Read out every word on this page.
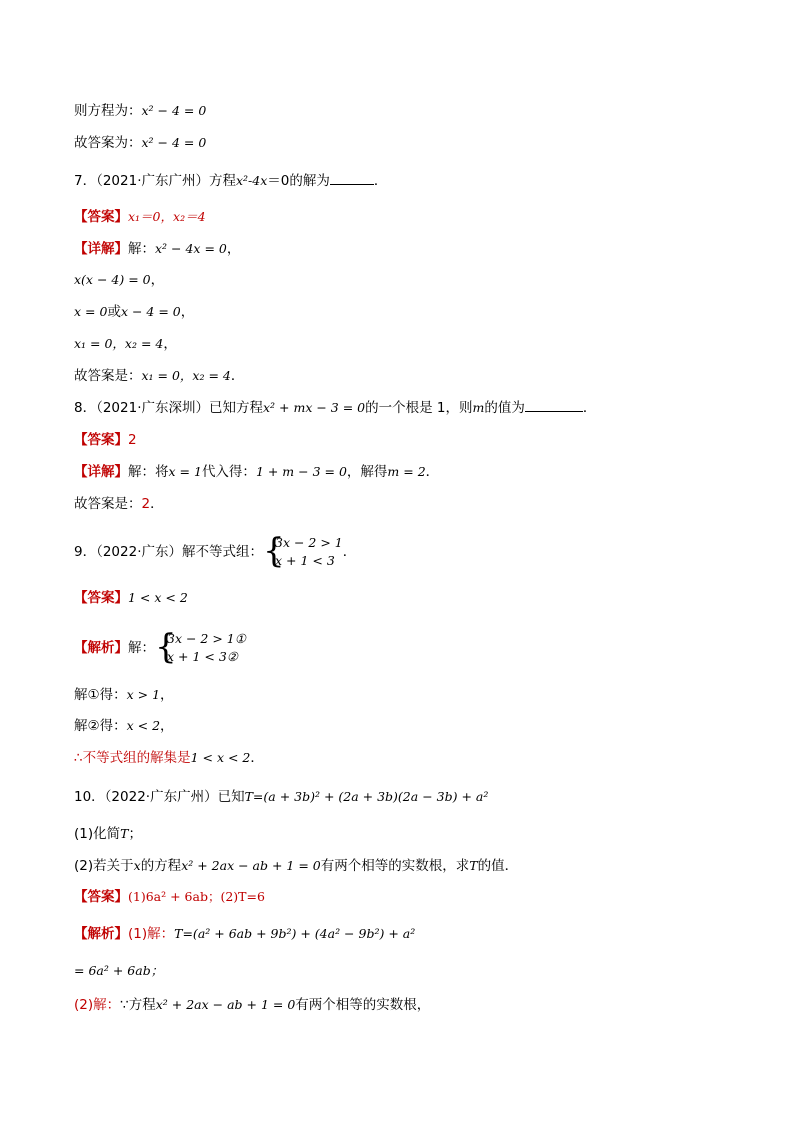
则方程为：x² − 4 = 0
故答案为：x² − 4 = 0
7．（2021·广东广州）方程x²-4x＝0的解为	．
【答案】x₁＝0，x₂＝4
【详解】解：x² − 4x = 0，
x(x − 4) = 0，
x = 0或x − 4 = 0，
x₁ = 0，x₂ = 4，
故答案是：x₁ = 0，x₂ = 4．
8．（2021·广东深圳）已知方程x² + mx − 3 = 0的一个根是 1，则m的值为	．
【答案】2
【详解】解：将x = 1代入得：1 + m − 3 = 0，解得m = 2．
故答案是：2．
9．（2022·广东）解不等式组： {
3x − 2 > 1
x + 1 < 3
．
【答案】1 < x < 2
【解析】解： {
3x − 2 > 1①
x + 1 < 3②
解①得：x > 1，
解②得：x < 2，
∴不等式组的解集是1 < x < 2．
10．（2022·广东广州）已知T=(a + 3b)² + (2a + 3b)(2a − 3b) + a²
(1)化简T；
(2)若关于x的方程x² + 2ax − ab + 1 = 0有两个相等的实数根，求T的值．
【答案】(1)6a² + 6ab；(2)T=6
【解析】(1)解：T=(a² + 6ab + 9b²) + (4a² − 9b²) + a²
= 6a² + 6ab；
(2)解：∵方程x² + 2ax − ab + 1 = 0有两个相等的实数根，
